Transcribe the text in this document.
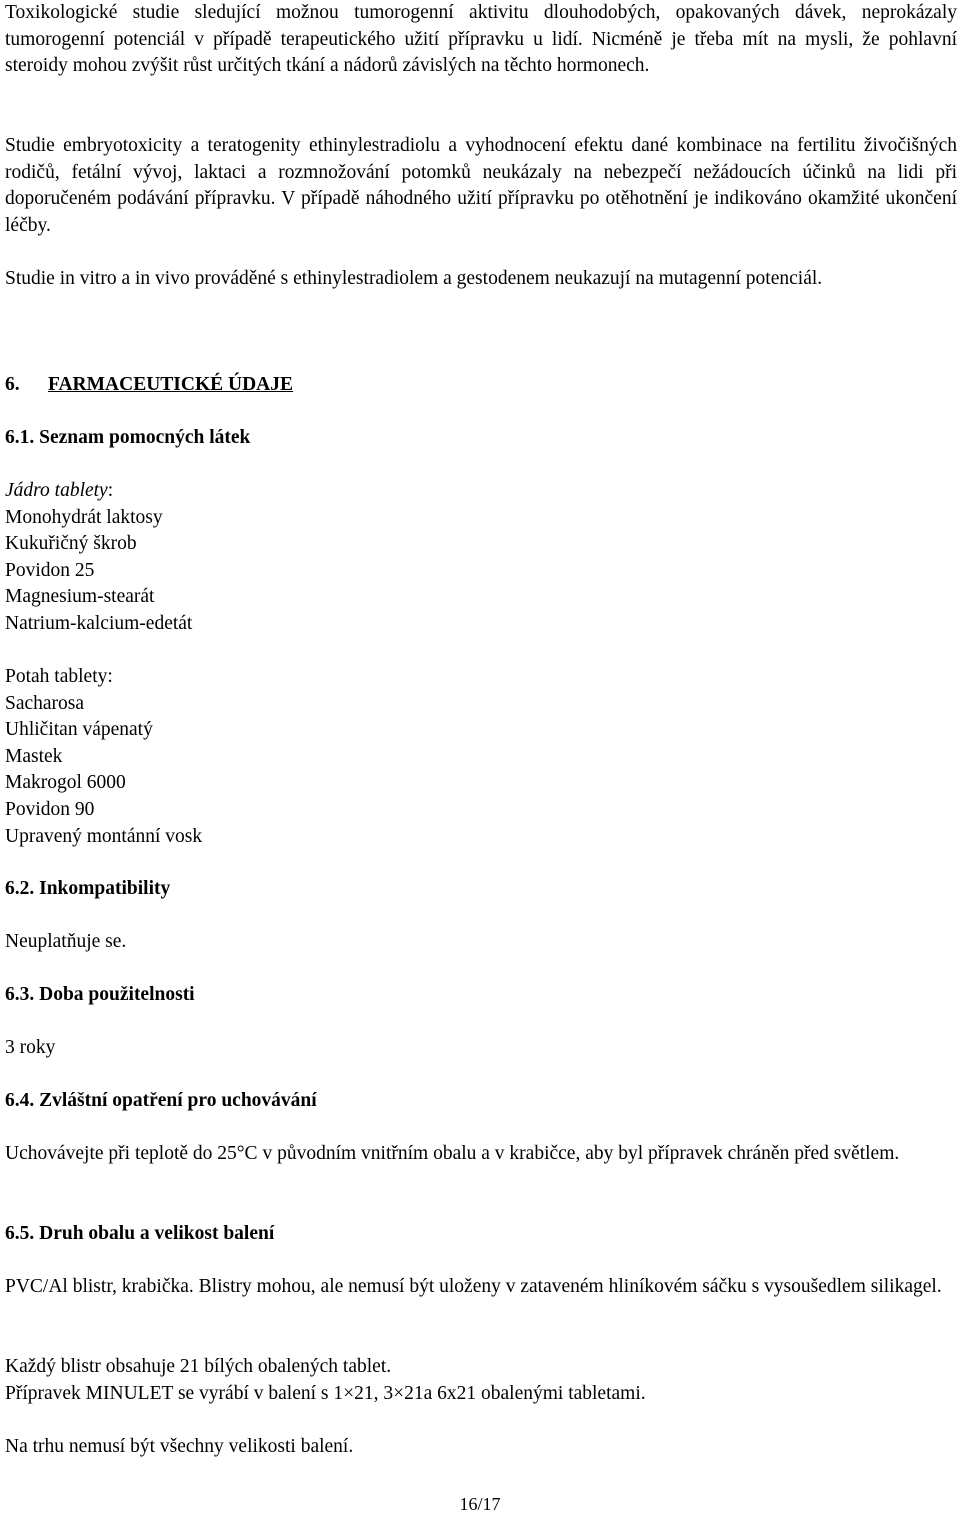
Toxikologické studie sledující možnou tumorogenní aktivitu dlouhodobých, opakovaných dávek, neprokázaly tumorogenní potenciál v případě terapeutického užití přípravku u lidí. Nicméně je třeba mít na mysli, že pohlavní steroidy mohou zvýšit růst určitých tkání a nádorů závislých na těchto hormonech.

Studie embryotoxicity a teratogenity ethinylestradiolu a vyhodnocení efektu dané kombinace na fertilitu živočišných rodičů, fetální vývoj, laktaci a rozmnožování potomků neukázaly na nebezpečí nežádoucích účinků na lidi při doporučeném podávání přípravku. V případě náhodného užití přípravku po otěhotnění je indikováno okamžité ukončení léčby.

Studie in vitro a in vivo prováděné s ethinylestradiolem a gestodenem neukazují na mutagenní potenciál.

6. FARMACEUTICKÉ ÚDAJE

6.1. Seznam pomocných látek

Jádro tablety:

Monohydrát laktosy

Kukuřičný škrob

Povidon 25

Magnesium-stearát

Natrium-kalcium-edetát

Potah tablety:

Sacharosa

Uhličitan vápenatý

Mastek

Makrogol 6000

Povidon 90

Upravený montánní vosk

6.2. Inkompatibility

Neuplatňuje se.

6.3. Doba použitelnosti

3 roky

6.4. Zvláštní opatření pro uchovávání

Uchovávejte při teplotě do 25°C v původním vnitřním obalu a v krabičce, aby byl přípravek chráněn před světlem.

6.5. Druh obalu a velikost balení

PVC/Al blistr, krabička. Blistry mohou, ale nemusí být uloženy v zataveném hliníkovém sáčku s vysoušedlem silikagel.

Každý blistr obsahuje 21 bílých obalených tablet.

Přípravek MINULET se vyrábí v balení s 1×21, 3×21a 6x21 obalenými tabletami.

Na trhu nemusí být všechny velikosti balení.

16/17
